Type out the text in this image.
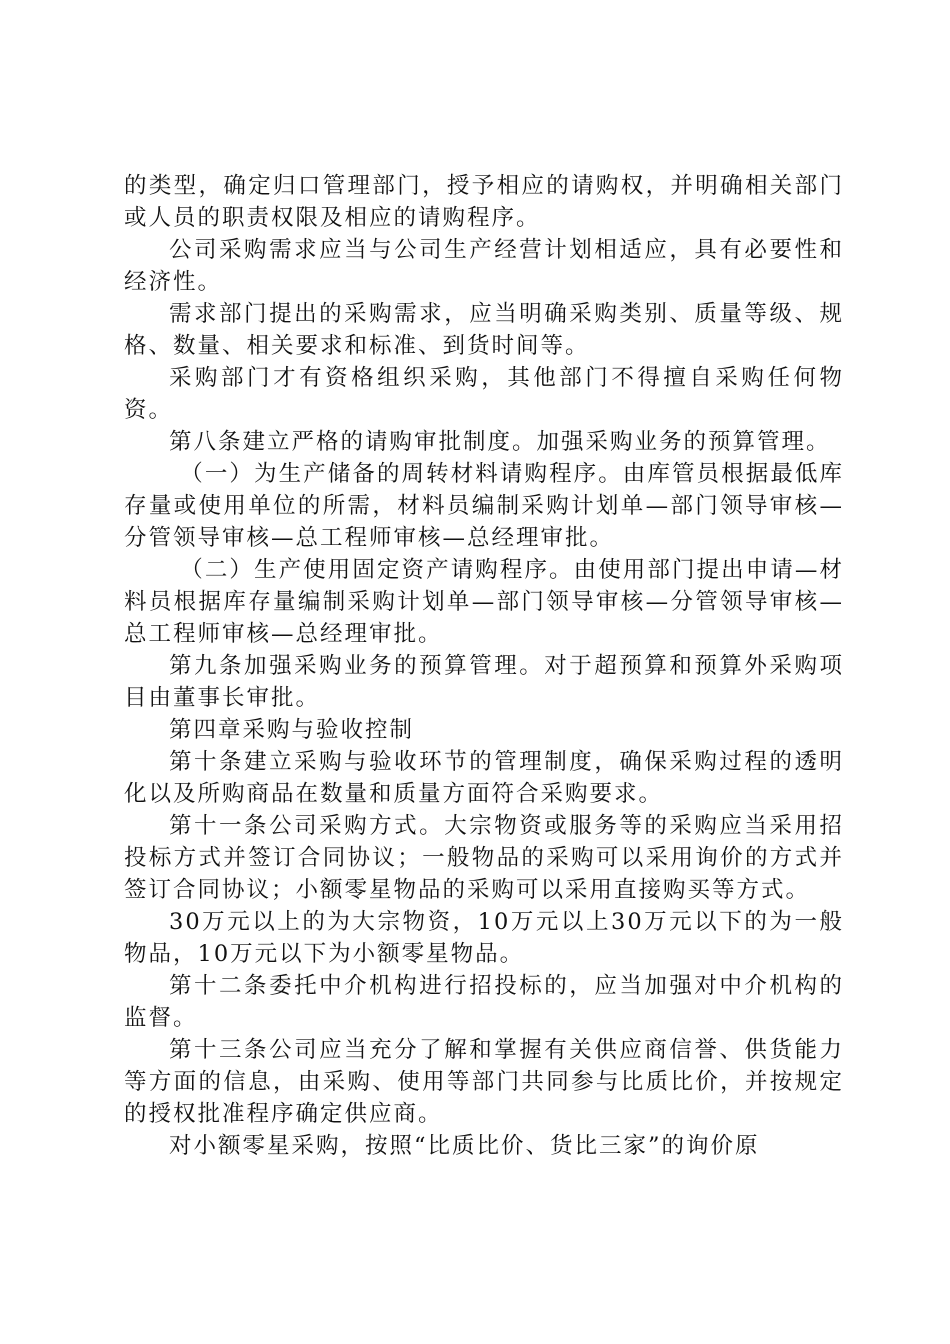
的类型，确定归口管理部门，授予相应的请购权，并明确相关部门或人员的职责权限及相应的请购程序。

公司采购需求应当与公司生产经营计划相适应，具有必要性和经济性。

需求部门提出的采购需求，应当明确采购类别、质量等级、规格、数量、相关要求和标准、到货时间等。

采购部门才有资格组织采购，其他部门不得擅自采购任何物资。

第八条建立严格的请购审批制度。加强采购业务的预算管理。

（一）为生产储备的周转材料请购程序。由库管员根据最低库存量或使用单位的所需，材料员编制采购计划单—部门领导审核—分管领导审核—总工程师审核—总经理审批。

（二）生产使用固定资产请购程序。由使用部门提出申请—材料员根据库存量编制采购计划单—部门领导审核—分管领导审核—总工程师审核—总经理审批。

第九条加强采购业务的预算管理。对于超预算和预算外采购项目由董事长审批。

第四章采购与验收控制

第十条建立采购与验收环节的管理制度，确保采购过程的透明化以及所购商品在数量和质量方面符合采购要求。

第十一条公司采购方式。大宗物资或服务等的采购应当采用招投标方式并签订合同协议；一般物品的采购可以采用询价的方式并签订合同协议；小额零星物品的采购可以采用直接购买等方式。

30万元以上的为大宗物资，10万元以上30万元以下的为一般物品，10万元以下为小额零星物品。

第十二条委托中介机构进行招投标的，应当加强对中介机构的监督。

第十三条公司应当充分了解和掌握有关供应商信誉、供货能力等方面的信息，由采购、使用等部门共同参与比质比价，并按规定的授权批准程序确定供应商。

对小额零星采购，按照“比质比价、货比三家”的询价原
